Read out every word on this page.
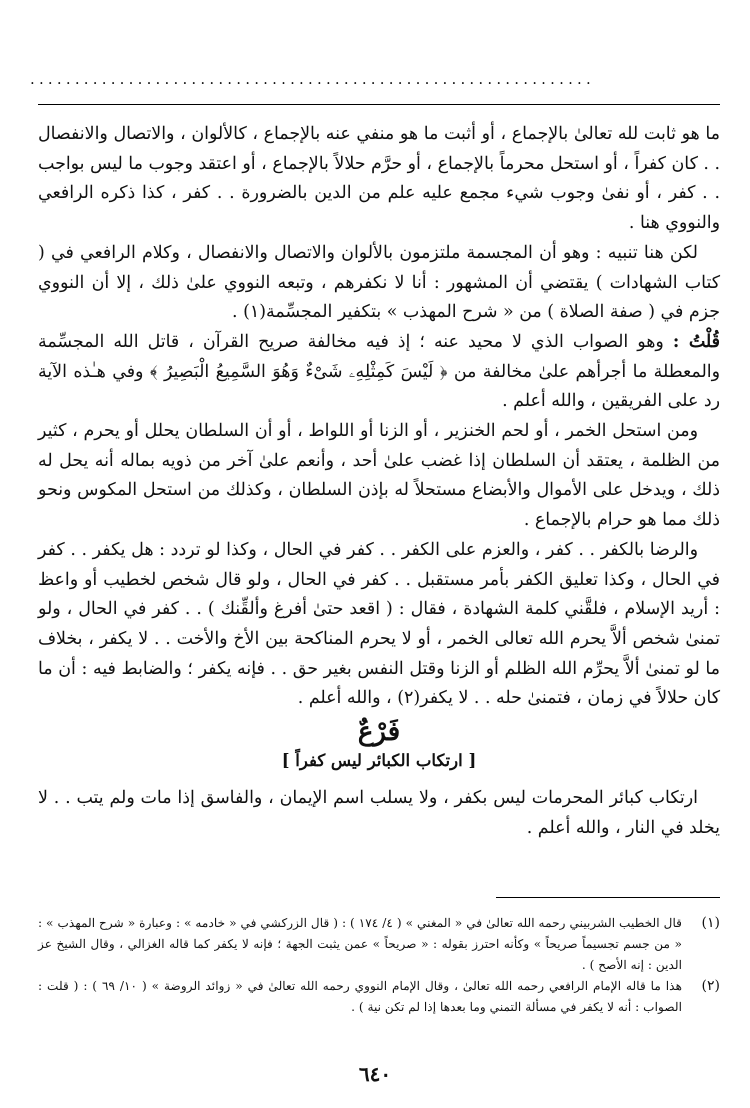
...............................................................

ما هو ثابت لله تعالىٰ بالإجماع ، أو أثبت ما هو منفي عنه بالإجماع ، كالألوان ، والاتصال والانفصال . . كان كفراً ، أو استحل محرماً بالإجماع ، أو حرَّم حلالاً بالإجماع ، أو اعتقد وجوب ما ليس بواجب . . كفر ، أو نفىٰ وجوب شيء مجمع عليه علم من الدين بالضرورة . . كفر ، كذا ذكره الرافعي والنووي هنا .

لكن هنا تنبيه : وهو أن المجسمة ملتزمون بالألوان والاتصال والانفصال ، وكلام الرافعي في ( كتاب الشهادات ) يقتضي أن المشهور : أنا لا نكفرهم ، وتبعه النووي علىٰ ذلك ، إلا أن النووي جزم في ( صفة الصلاة ) من « شرح المهذب » بتكفير المجسِّمة(١) .

قُلْتُ : وهو الصواب الذي لا محيد عنه ؛ إذ فيه مخالفة صريح القرآن ، قاتل الله المجسِّمة والمعطلة ما أجرأهم علىٰ مخالفة من ﴿ لَيْسَ كَمِثْلِهِۦ شَىْءٌ وَهُوَ السَّمِيعُ الْبَصِيرُ ﴾ وفي هـٰذه الآية رد على الفريقين ، والله أعلم .

ومن استحل الخمر ، أو لحم الخنزير ، أو الزنا أو اللواط ، أو أن السلطان يحلل أو يحرم ، كثير من الظلمة ، يعتقد أن السلطان إذا غضب علىٰ أحد ، وأنعم علىٰ آخر من ذويه بماله أنه يحل له ذلك ، ويدخل على الأموال والأبضاع مستحلاً له بإذن السلطان ، وكذلك من استحل المكوس ونحو ذلك مما هو حرام بالإجماع .

والرضا بالكفر . . كفر ، والعزم على الكفر . . كفر في الحال ، وكذا لو تردد : هل يكفر . . كفر في الحال ، وكذا تعليق الكفر بأمر مستقبل . . كفر في الحال ، ولو قال شخص لخطيب أو واعظ : أريد الإسلام ، فلقَّني كلمة الشهادة ، فقال : ( اقعد حتىٰ أفرغ وألقِّنك ) . . كفر في الحال ، ولو تمنىٰ شخص ألاَّ يحرم الله تعالى الخمر ، أو لا يحرم المناكحة بين الأخ والأخت . . لا يكفر ، بخلاف ما لو تمنىٰ ألاَّ يحرِّم الله الظلم أو الزنا وقتل النفس بغير حق . . فإنه يكفر ؛ والضابط فيه : أن ما كان حلالاً في زمان ، فتمنىٰ حله . . لا يكفر(٢) ، والله أعلم .

فَرْعٌ
[ ارتكاب الكبائر ليس كفراً ]

ارتكاب كبائر المحرمات ليس بكفر ، ولا يسلب اسم الإيمان ، والفاسق إذا مات ولم يتب . . لا يخلد في النار ، والله أعلم .

(١)
قال الخطيب الشربيني رحمه الله تعالىٰ في « المغني » ( ٤/ ١٧٤ ) : ( قال الزركشي في « خادمه » : وعبارة « شرح المهذب » : « من جسم تجسيماً صريحاً » وكأنه احترز بقوله : « صريحاً » عمن يثبت الجهة ؛ فإنه لا يكفر كما قاله الغزالي ، وقال الشيخ عز الدين : إنه الأصح ) .
(٢)
هذا ما قاله الإمام الرافعي رحمه الله تعالىٰ ، وقال الإمام النووي رحمه الله تعالىٰ في « زوائد الروضة » ( ١٠/ ٦٩ ) : ( قلت : الصواب : أنه لا يكفر في مسألة التمني وما بعدها إذا لم تكن نية ) .
٦٤٠
